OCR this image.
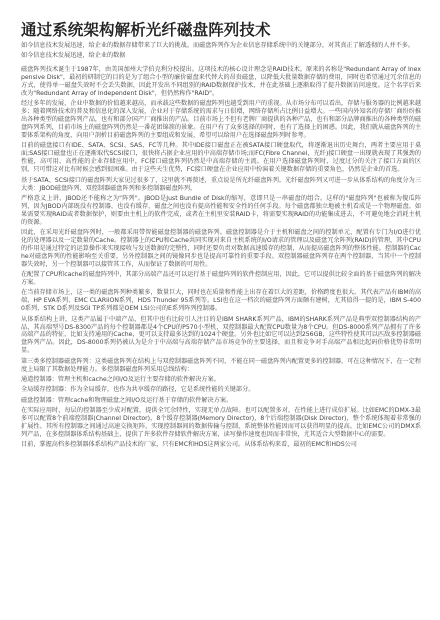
通过系统架构解析光纤磁盘阵列技术

如今信息技术发展迅速，给企业的数据存储带来了巨大的挑战。而磁盘阵列作为企业信息存储系统中的关键部分，对其真正了解透彻的人并不多。

如今信息技术发展迅速，给企业的数据

磁盘阵列技术诞生于1987年，由美国加州大学伯克利分校提出。这项技术的核心设计理念是RAID技术。原来的名称是"Redundant Array of Inexpensive Disk"，最初的研制它的目的是为了组合小型的廉价磁盘来代替大的昂贵磁盘，以降低大批量数据存储的费用，同时也希望通过冗余信息的方式，使得单一磁盘失效时不会丢失数据，因此开发出不同组别的RAID数据保护技术，并在此基础上逐渐取得了提升数据访问速度。这个名字后来改为"Redundant Array of Independent Disk"，但仍然称作"RAID"。

经过多年的发展，企业中数据的价值越来越高，而承载这些数据的磁盘阵列也越受到用户的重视。从市场分布可以看出，存储与服务器的比例越来越多；随着网络技术的普及和信息化的深入发展，企业对于存储系统的需求与日俱增，网络存储所占比例日益增大。一些国内外知名的存储厂商纷纷推出各种类型的磁盘阵列产品，也有和部分国产厂商推出的产品。目前市场上不但有老牌厂商提供的各种产品，也有和部分品牌商推出的各种类型的磁盘阵列系列，目前市场上的磁盘阵列仍然是一番花团锦簇的景象。在用户有了众多选择的同时，也有了选择上的困惑。因此，我们就从磁盘阵列的主要体系架构的角度，向用户剖析目前磁盘阵列的主要组成和发展，希望可以给用户在选择磁盘阵列时参考。

目前的磁盘接口有IDE、SATA、SCSI、SAS、FC等几种。其中IDE接口磁盘正在被SATA接口硬盘取代，将逐渐退出历史舞台，两者主要应用于桌面;SAS接口磁盘也正在逐渐取代SCSI接口，很快将占据企业应用的中高端存储市场;而FC(Fibre Channel，光纤)接口硬盘一出现就表现了其强劲的性能，高可用、高性能的企业存储应用中，FC接口磁盘阵列仍然是中高端存储的主流。在用户选择磁盘阵列时，过度过分的关注了接口方面的区别，只可惜这对比有时候会感到很困难。由于这些天生优势，FC接口硬盘在企业应用中扮演着关键数据存储的重要角色，仍然是企业的首选。

基于SATA、SCSI接口的磁盘阵列大家见过很多了，这里就不再赘述，重点说是所光纤磁盘阵列。光纤磁盘阵列又可进一步从体系结构的角度分为三大类：JBOD磁盘阵列、双控制器磁盘阵列和多控制器磁盘阵列。

严格意义上讲，JBOD还不能称之为"阵列"。JBOD是Just Bundle of Disk的缩写，意即只是一串磁盘的组合。这样的"磁盘阵列"也被称为傻瓜阵列，因为JBOD内部既没有控制器，也没有缓存，磁盘之间也没有提高性能和安全性的任何手段。每个磁盘都独立地被主机看成是一个物理磁盘。如果需要实现RAID或者数据保护，则要由主机上的软件完成，或者在主机里安装RAID卡，将需要实现RAID的功能集成进去，不可避免地会消耗主机的资源。

因此，在采用光纤磁盘阵列时，一般都采用带智能磁盘控制器的磁盘阵列。磁盘控制器是介于主机和磁盘之间的控制单元，配置有专门为I/O进行优化的处理器以及一定数量的Cache。控制器上的CPU和Cache共同实现对来自主机系统的I/O请求的管理以及磁盘冗余阵列(RAID)的管理，其中CPU的作用是通过特定的运算操作来实现接收与发送数据的完整性，同时还要负责对数据高速缓存的控制，从而提高磁盘阵列的整体性能。控制器的Cache对磁盘阵列的性能影响至关重要，另外控制器之间的镜像同步也是提高可靠性的重要手段。双控制器磁盘阵列存在两个控制器，当其中一个控制器失效时，另一个控制器可以接管其工作，从而保证了数据的可用性。

在配置了CPU和cache的磁盘阵列中，其部分高端产品还可以运行基于磁盘阵列的软件控制应用，因此，它可以提供比较全面的基于磁盘阵列的解决方案。

在当前存储市场上，这一类的磁盘阵列种类繁多，数量巨大，同时也在质量和性能上出存在着巨大的差距，价格跨度也很大。其代表产品有IBM的高端、HP EVA系列、EMC CLARiiON系列，HDS Thunder 95系列等。LSI也在这一档次的磁盘阵列方面颇有建树，尤其值得一提的是，IBM S-4000系列、STK D系列及SGI TP系列都是OEM LSI公司的E系列阵列控制器。

从体系结构上讲，这类产品属于中端产品，但其中也有比较引人注目的是IBM SHARK系列产品，IBM的SHARK系列产品是典型双控制器结构的产品，其高端型号DS-8300产品的每个控制器都是4个CPU的P570小型机，双控制器最大配置CPU数量为8个CPU。但DS-8000系列产品拥有了许多高端产品的特征，比如支持通用的Cache，更可以支持最多达到的1024个硬盘。另外也比如它可以达到256GB，这些特性使其可以匹敌多控制器磁盘阵列产品。因此，DS-8000系列仍被认为是介于中高端与高端存储产品市场竞争的主要选择，而且和竞争对手高端产品相比起码价格优势非常明显。

第三类多控制器磁盘阵列：这类磁盘阵列在结构上与双控制器磁盘阵列不同，不能在同一磁盘阵列内配置更多的控制器，可在这种情况下，在一定程度上局限了其数据处理能力。多控制器磁盘阵列采用总线结构：

通道控制器：管理主机和cache之间I/O及运行主要存储的软件解决方案。

全局缓存控制器：作为全局缓存，也作为共享缓存的路径，它是系统性能的关键部分。

磁盘控制器：管理cache和物理磁盘之间I/O及运行基于存储的软件解决方案。

在实际应用时，每层的控制器至少成对配置，提供全冗余特性，实现无单点故障。也可以配置多对，在性能上进行成倍扩展。比如EMC的DMX-3最多可以配置8个前端控制器(Channel Director)，8个缓存控制器(Memory Director)，8个后端控制器(Disk Director)，整个系统体现着非常强的扩展性。其所有控制器之间通过高速交换矩阵，实现控制器间的数据传输与控制，系统整体性能因而可以获得明显的提高。比如EMC公司的DMX系列产品，在多控制器体系结构基础上，提供了许多软件存储软件解决方案，读写操作速度也因而非常快，尤其适合大型数据中心的需要。

目前，掌握高档多控制器体系结构产品技术的厂家，只有EMC和HDS这两家公司。从体系结构来看，最初的EMC和HDS公司
